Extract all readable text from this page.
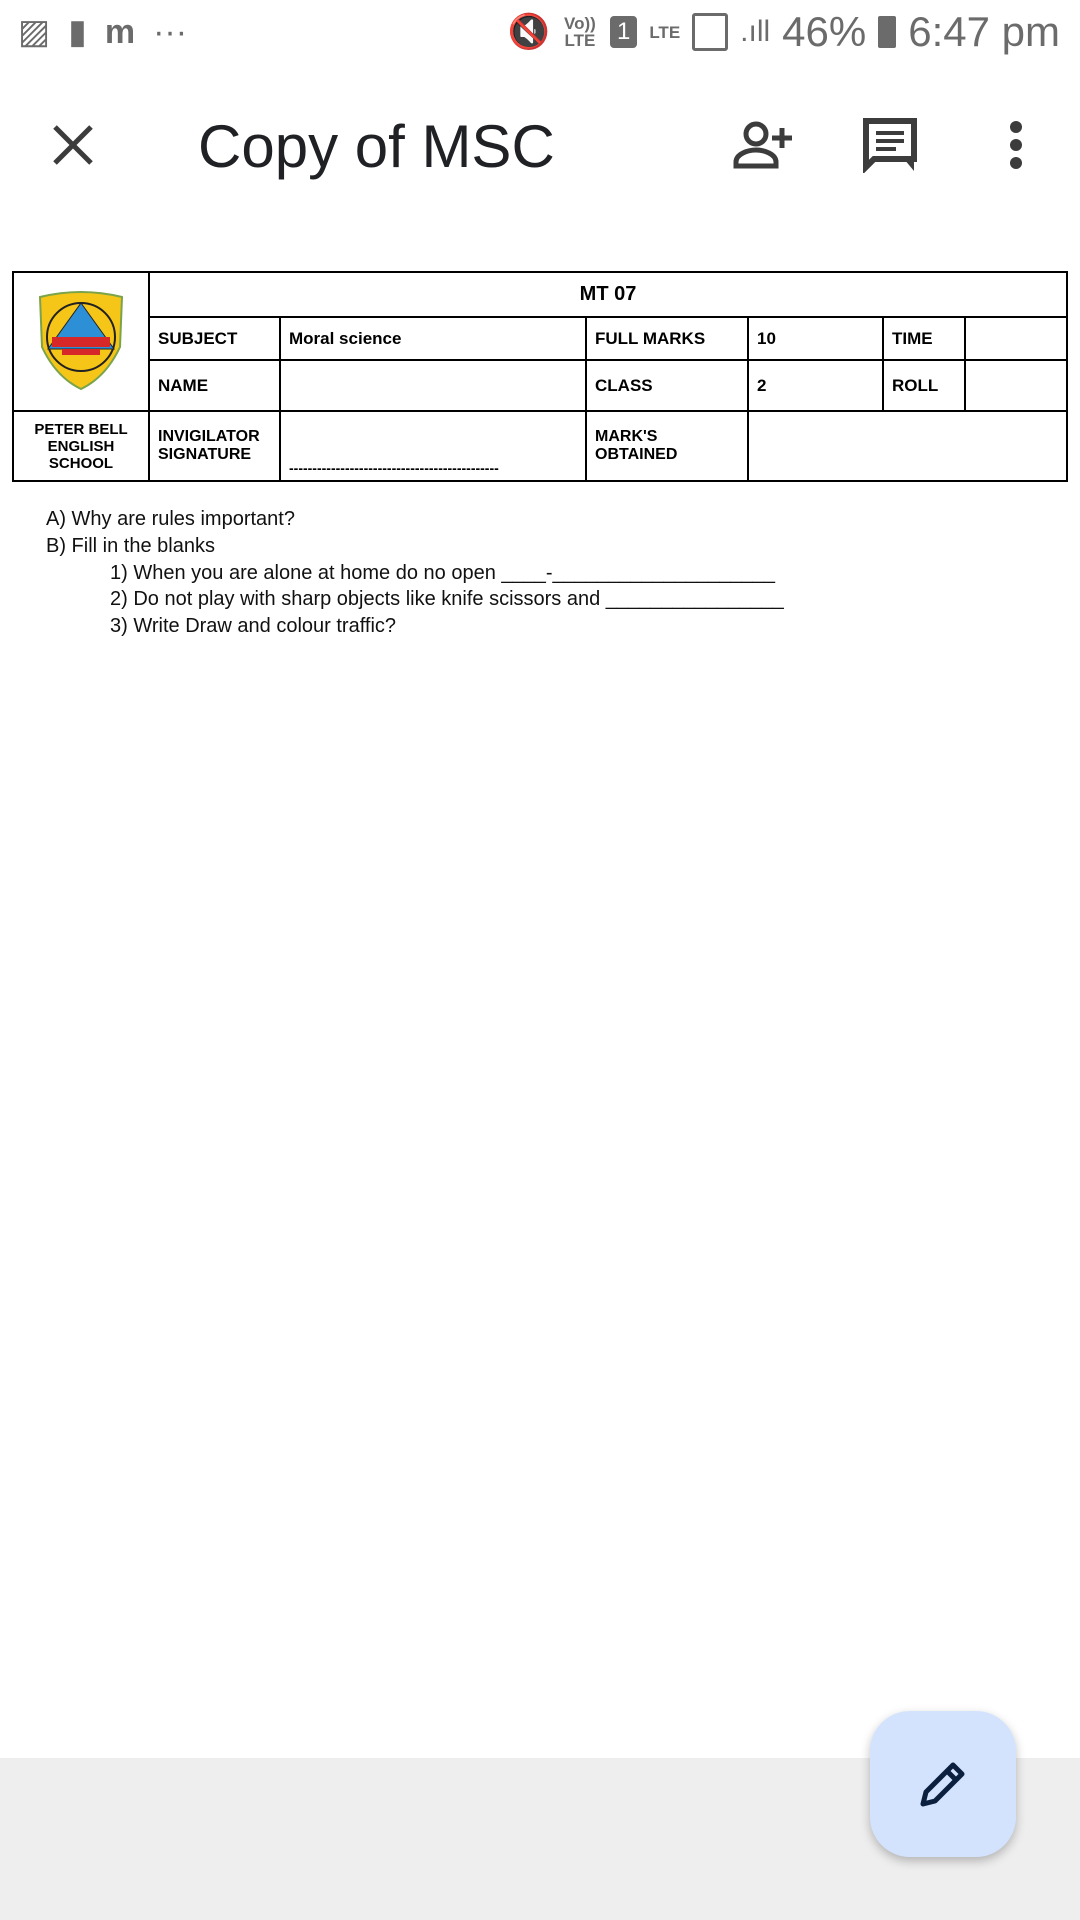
▨ ▮ m ···	🔇 Vo)) LTE 1	LTE .ıll 46% 6:47 pm
Copy of MSC
	MT 07					
	SUBJECT	Moral science	FULL MARKS	10	TIME	
	NAME		CLASS	2	ROLL	
PETER BELL ENGLISH SCHOOL	INVIGILATOR SIGNATURE	---------------------------------------------	MARK'S OBTAINED			
A) Why are rules important?
B) Fill in the blanks
1) When you are alone at home do no open ____-____________________
2) Do not play with sharp objects like knife scissors and ________________
3) Write Draw and colour traffic?
